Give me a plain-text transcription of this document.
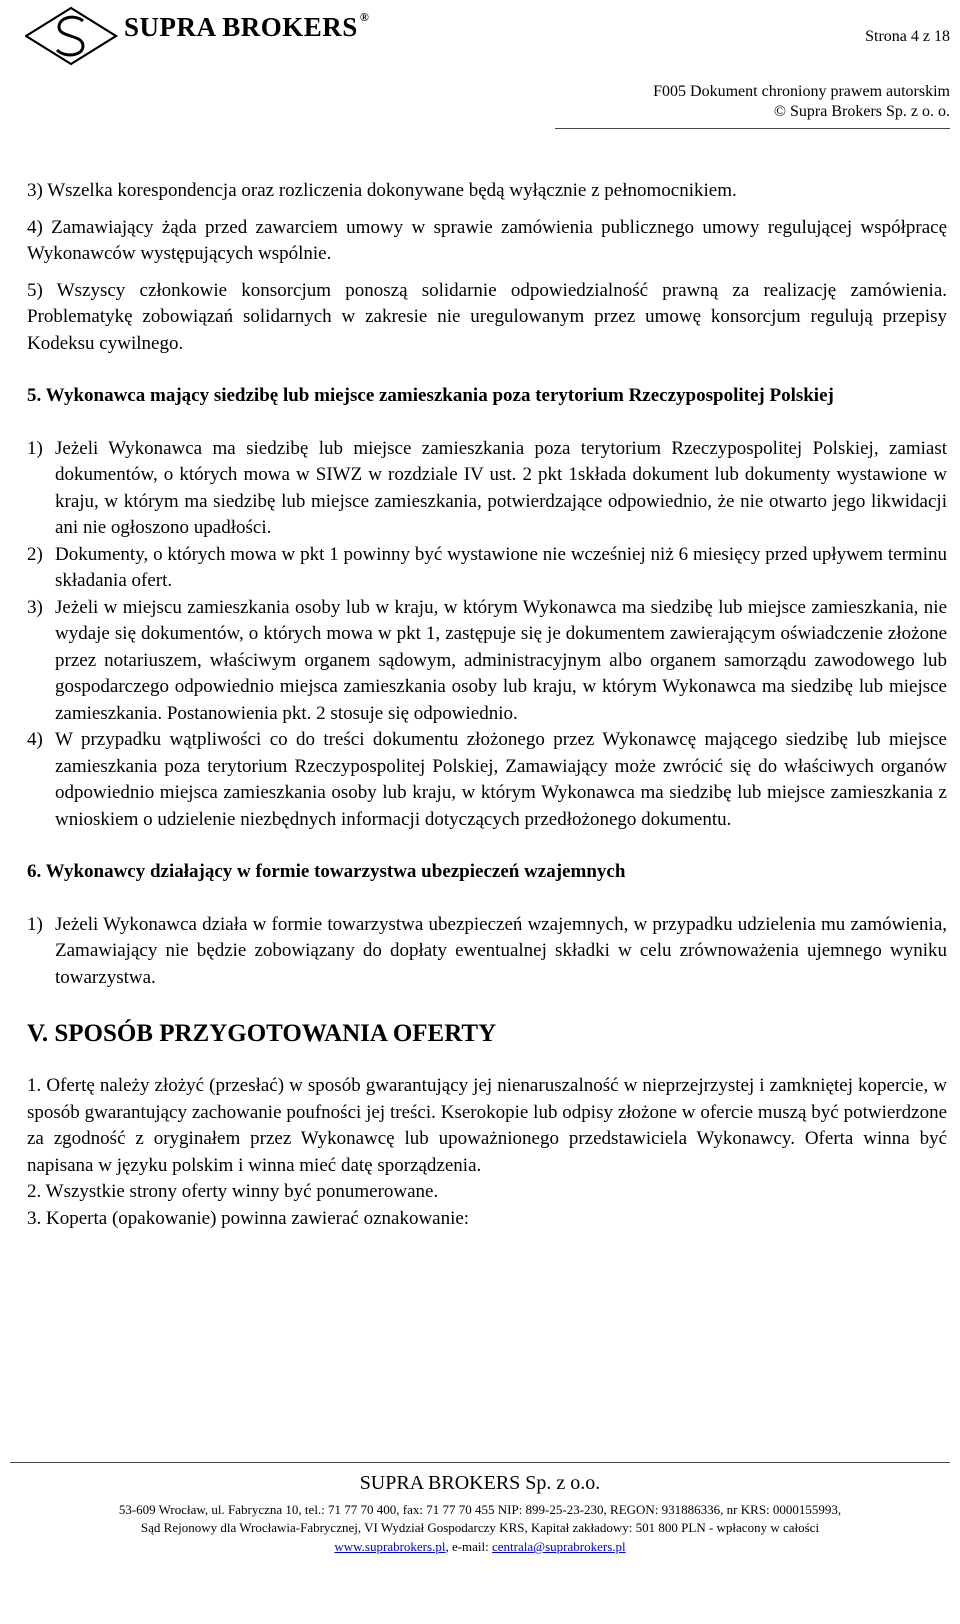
SUPRA BROKERS ®
Strona 4 z 18
F005 Dokument chroniony prawem autorskim
© Supra Brokers Sp. z o. o.

3) Wszelka korespondencja oraz rozliczenia dokonywane będą wyłącznie z pełnomocnikiem.

4) Zamawiający żąda przed zawarciem umowy w sprawie zamówienia publicznego umowy regulującej współpracę Wykonawców występujących wspólnie.

5) Wszyscy członkowie konsorcjum ponoszą solidarnie odpowiedzialność prawną za realizację zamówienia. Problematykę zobowiązań solidarnych w zakresie nie uregulowanym przez umowę konsorcjum regulują przepisy Kodeksu cywilnego.

5. Wykonawca mający siedzibę lub miejsce zamieszkania poza terytorium Rzeczypospolitej Polskiej

1) Jeżeli Wykonawca ma siedzibę lub miejsce zamieszkania poza terytorium Rzeczypospolitej Polskiej, zamiast dokumentów, o których mowa w SIWZ w rozdziale IV ust. 2 pkt 1składa dokument lub dokumenty wystawione w kraju, w którym ma siedzibę lub miejsce zamieszkania, potwierdzające odpowiednio, że nie otwarto jego likwidacji ani nie ogłoszono upadłości.
2) Dokumenty, o których mowa w pkt 1 powinny być wystawione nie wcześniej niż 6 miesięcy przed upływem terminu składania ofert.
3) Jeżeli w miejscu zamieszkania osoby lub w kraju, w którym Wykonawca ma siedzibę lub miejsce zamieszkania, nie wydaje się dokumentów, o których mowa w pkt 1, zastępuje się je dokumentem zawierającym oświadczenie złożone przez notariuszem, właściwym organem sądowym, administracyjnym albo organem samorządu zawodowego lub gospodarczego odpowiednio miejsca zamieszkania osoby lub kraju, w którym Wykonawca ma siedzibę lub miejsce zamieszkania. Postanowienia pkt. 2 stosuje się odpowiednio.
4) W przypadku wątpliwości co do treści dokumentu złożonego przez Wykonawcę mającego siedzibę lub miejsce zamieszkania poza terytorium Rzeczypospolitej Polskiej, Zamawiający może zwrócić się do właściwych organów odpowiednio miejsca zamieszkania osoby lub kraju, w którym Wykonawca ma siedzibę lub miejsce zamieszkania z wnioskiem o udzielenie niezbędnych informacji dotyczących przedłożonego dokumentu.

6. Wykonawcy działający w formie towarzystwa ubezpieczeń wzajemnych

1) Jeżeli Wykonawca działa w formie towarzystwa ubezpieczeń wzajemnych, w przypadku udzielenia mu zamówienia, Zamawiający nie będzie zobowiązany do dopłaty ewentualnej składki w celu zrównoważenia ujemnego wyniku towarzystwa.

V. SPOSÓB PRZYGOTOWANIA OFERTY

1. Ofertę należy złożyć (przesłać) w sposób gwarantujący jej nienaruszalność w nieprzejrzystej i zamkniętej kopercie, w sposób gwarantujący zachowanie poufności jej treści. Kserokopie lub odpisy złożone w ofercie muszą być potwierdzone za zgodność z oryginałem przez Wykonawcę lub upoważnionego przedstawiciela Wykonawcy. Oferta winna być napisana w języku polskim i winna mieć datę sporządzenia.

2. Wszystkie strony oferty winny być ponumerowane.

3. Koperta (opakowanie) powinna zawierać oznakowanie:

SUPRA BROKERS Sp. z o.o.
53-609 Wrocław, ul. Fabryczna 10, tel.: 71 77 70 400, fax: 71 77 70 455 NIP: 899-25-23-230, REGON: 931886336, nr KRS: 0000155993,
Sąd Rejonowy dla Wrocławia-Fabrycznej, VI Wydział Gospodarczy KRS, Kapitał zakładowy: 501 800 PLN - wpłacony w całości
www.suprabrokers.pl, e-mail: centrala@suprabrokers.pl
